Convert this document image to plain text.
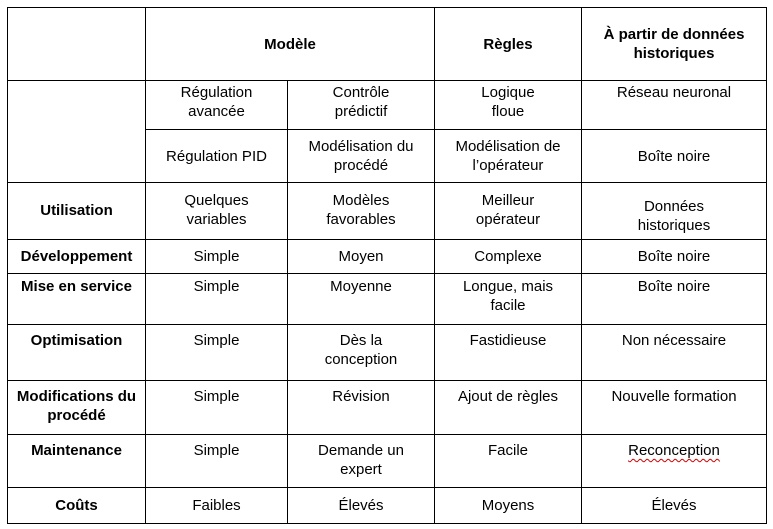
	Modèle		Règles	À partir de données historiques
	Régulation avancée	Contrôle prédictif	Logique floue	Réseau neuronal
	Régulation PID	Modélisation du procédé	Modélisation de l’opérateur	Boîte noire
Utilisation	Quelques variables	Modèles favorables	Meilleur opérateur	Données historiques
Développement	Simple	Moyen	Complexe	Boîte noire
Mise en service	Simple	Moyenne	Longue, mais facile	Boîte noire
Optimisation	Simple	Dès la conception	Fastidieuse	Non nécessaire
Modifications du procédé	Simple	Révision	Ajout de règles	Nouvelle formation
Maintenance	Simple	Demande un expert	Facile	Reconception
Coûts	Faibles	Élevés	Moyens	Élevés
